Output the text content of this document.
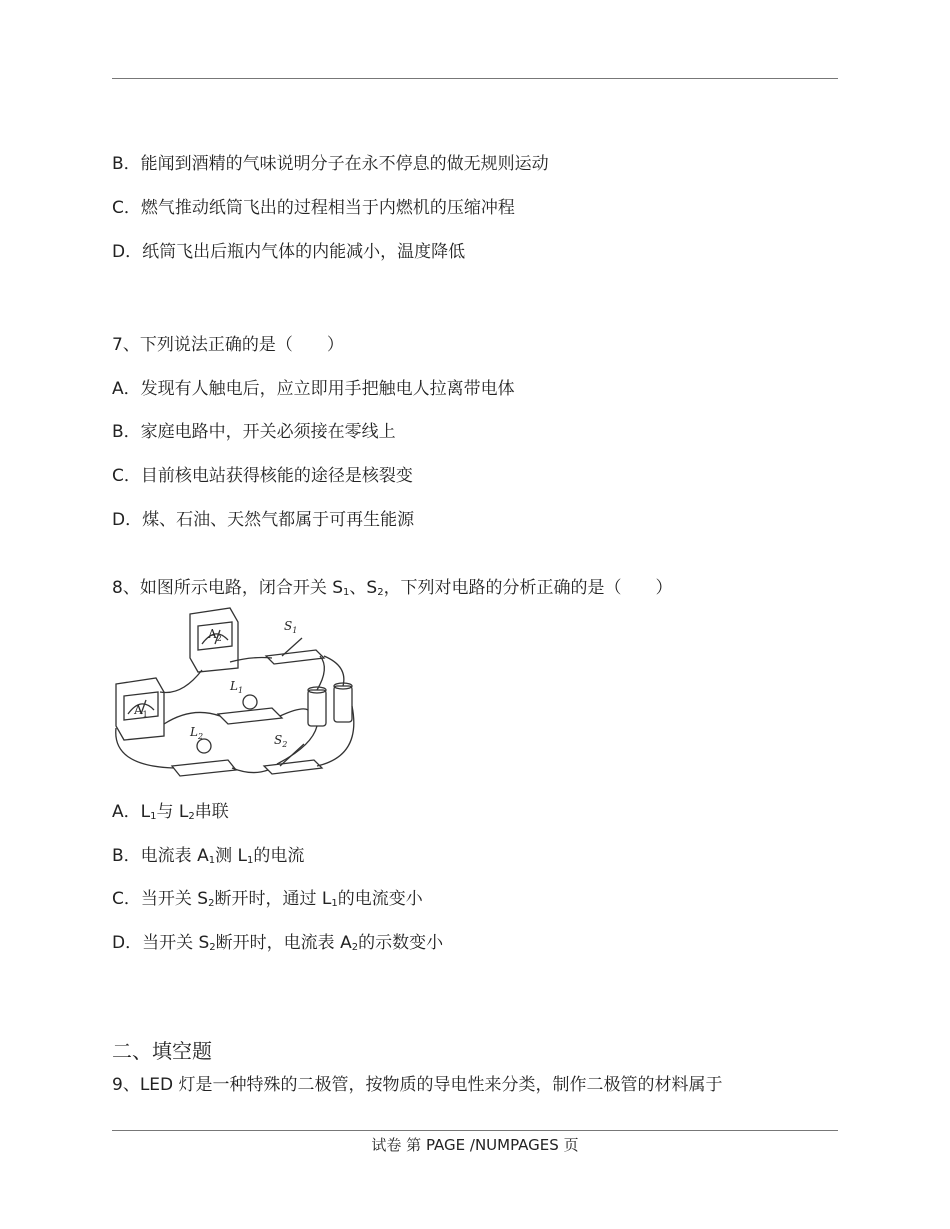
B．能闻到酒精的气味说明分子在永不停息的做无规则运动
C．燃气推动纸筒飞出的过程相当于内燃机的压缩冲程
D．纸筒飞出后瓶内气体的内能减小，温度降低
7、下列说法正确的是（　　）
A．发现有人触电后，应立即用手把触电人拉离带电体
B．家庭电路中，开关必须接在零线上
C．目前核电站获得核能的途径是核裂变
D．煤、石油、天然气都属于可再生能源
8、如图所示电路，闭合开关 $S_1$、$S_2$，下列对电路的分析正确的是（　　）
$A_2$
$S_1$
$L_1$
$A_1$
$L_2$	$S_2$
A．$L_1$与 $L_2$串联
B．电流表 $A_1$测 $L_1$的电流
C．当开关 $S_2$断开时，通过 $L_1$的电流变小
D．当开关 $S_2$断开时，电流表 $A_2$的示数变小
二、填空题
9、LED 灯是一种特殊的二极管，按物质的导电性来分类，制作二极管的材料属于
试卷 第 PAGE /NUMPAGES 页
